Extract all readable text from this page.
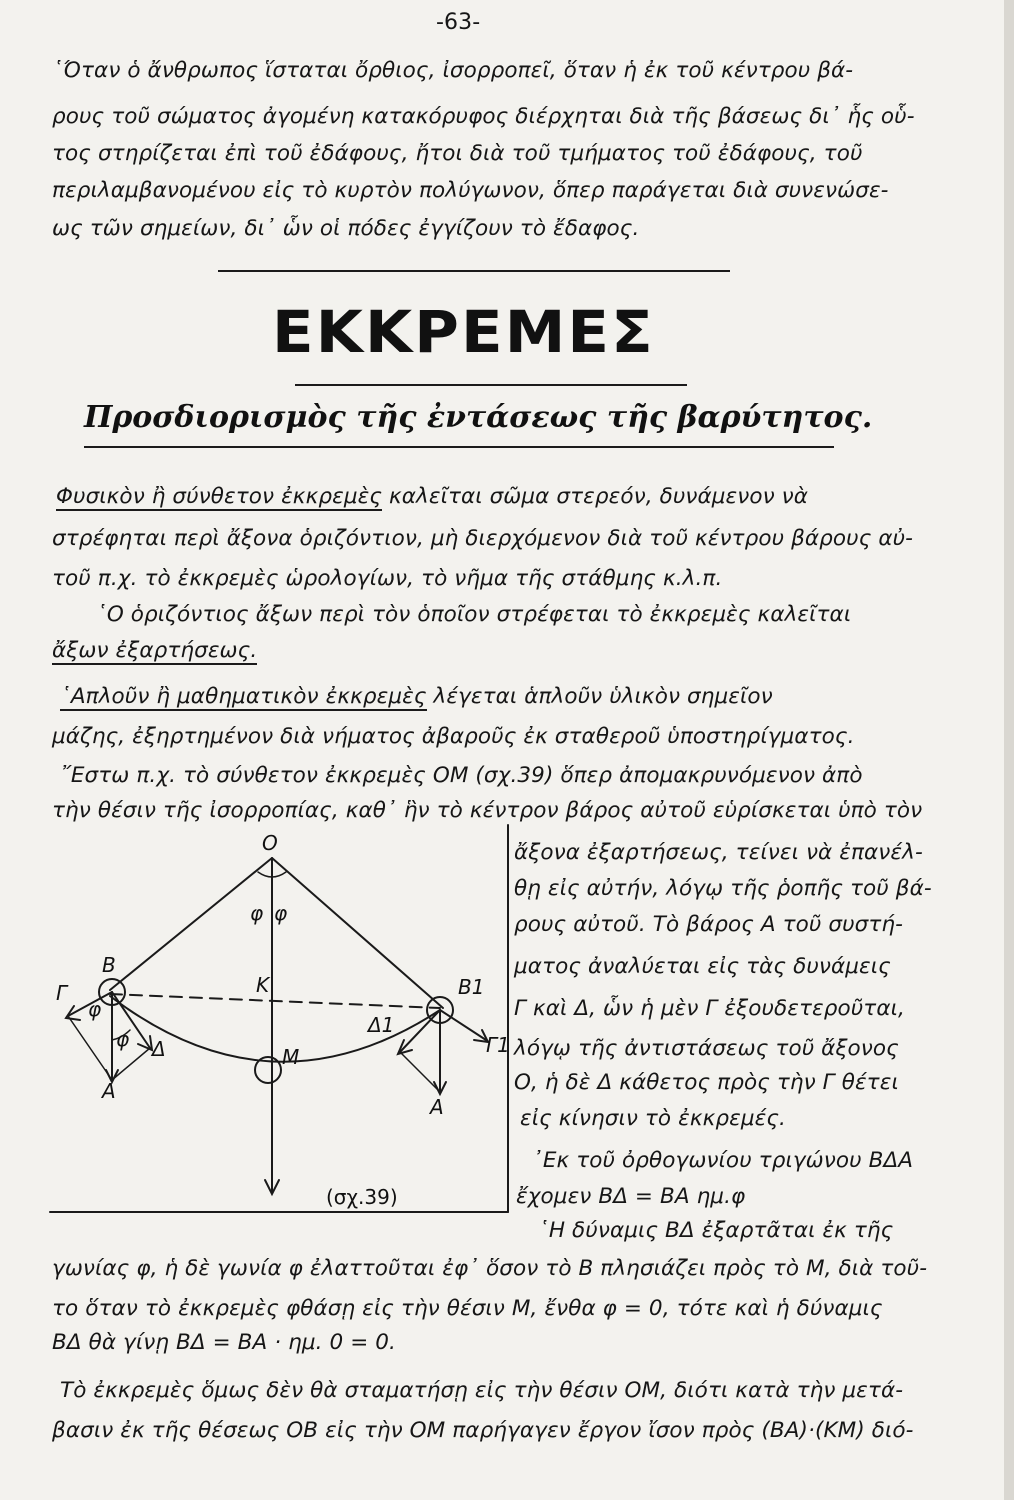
-63-
῾Όταν ὁ ἄνθρωπος ἵσταται ὄρθιος, ἰσορροπεῖ, ὅταν ἡ ἐκ τοῦ κέντρου βά-
ρους τοῦ σώματος ἀγομένη κατακόρυφος διέρχηται διὰ τῆς βάσεως δι᾽ ἧς οὗ-
τος στηρίζεται ἐπὶ τοῦ ἐδάφους, ἤτοι διὰ τοῦ τμήματος τοῦ ἐδάφους, τοῦ
περιλαμβανομένου εἰς τὸ κυρτὸν πολύγωνον, ὅπερ παράγεται διὰ συνενώσε-
ως τῶν σημείων, δι᾽ ὧν οἱ πόδες ἐγγίζουν τὸ ἔδαφος.
ΕΚΚΡΕΜΕΣ
Προσδιορισμὸς τῆς ἐντάσεως τῆς βαρύτητος.
Φυσικὸν ἢ σύνθετον ἐκκρεμὲς καλεῖται σῶμα στερεόν, δυνάμενον νὰ
στρέφηται περὶ ἄξονα ὁριζόντιον, μὴ διερχόμενον διὰ τοῦ κέντρου βάρους αὐ-
τοῦ π.χ. τὸ ἐκκρεμὲς ὡρολογίων, τὸ νῆμα τῆς στάθμης κ.λ.π.
῾Ο ὁριζόντιος ἄξων περὶ τὸν ὁποῖον στρέφεται τὸ ἐκκρεμὲς καλεῖται
ἄξων ἐξαρτήσεως.
῾Απλοῦν ἢ μαθηματικὸν ἐκκρεμὲς λέγεται ἁπλοῦν ὑλικὸν σημεῖον
μάζης, ἐξηρτημένον διὰ νήματος ἀβαροῦς ἐκ σταθεροῦ ὑποστηρίγματος.
῎Εστω π.χ. τὸ σύνθετον ἐκκρεμὲς ΟΜ (σχ.39) ὅπερ ἀπομακρυνόμενον ἀπὸ
τὴν θέσιν τῆς ἰσορροπίας, καθ᾽ ἣν τὸ κέντρον βάρος αὐτοῦ εὑρίσκεται ὑπὸ τὸν
ἄξονα ἐξαρτήσεως, τείνει νὰ ἐπανέλ-
θῃ εἰς αὐτήν, λόγῳ τῆς ῥοπῆς τοῦ βά-
ρους αὐτοῦ. Τὸ βάρος Α τοῦ συστή-
ματος ἀναλύεται εἰς τὰς δυνάμεις
Γ καὶ Δ, ὧν ἡ μὲν Γ ἐξουδετεροῦται,
λόγῳ τῆς ἀντιστάσεως τοῦ ἄξονος
Ο, ἡ δὲ Δ κάθετος πρὸς τὴν Γ θέτει
εἰς κίνησιν τὸ ἐκκρεμές.
᾿Εκ τοῦ ὀρθογωνίου τριγώνου ΒΔΑ
ἔχομεν ΒΔ = ΒΑ ημ.φ
῾Η δύναμις ΒΔ ἐξαρτᾶται ἐκ τῆς
γωνίας φ, ἡ δὲ γωνία φ ἐλαττοῦται ἐφ᾽ ὅσον τὸ Β πλησιάζει πρὸς τὸ Μ, διὰ τοῦ-
το ὅταν τὸ ἐκκρεμὲς φθάσῃ εἰς τὴν θέσιν Μ, ἔνθα φ = 0, τότε καὶ ἡ δύναμις
ΒΔ θὰ γίνῃ ΒΔ = ΒΑ · ημ. 0 = 0.
Τὸ ἐκκρεμὲς ὅμως δὲν θὰ σταματήσῃ εἰς τὴν θέσιν ΟΜ, διότι κατὰ τὴν μετά-
βασιν ἐκ τῆς θέσεως ΟΒ εἰς τὴν ΟΜ παρήγαγεν ἔργον ἴσον πρὸς (ΒΑ)·(ΚΜ) διό-
O
φ φ
B
K	B1
Γ
φ
φ Δ
A
M
Δ1
A
Γ1
(σχ.39)
